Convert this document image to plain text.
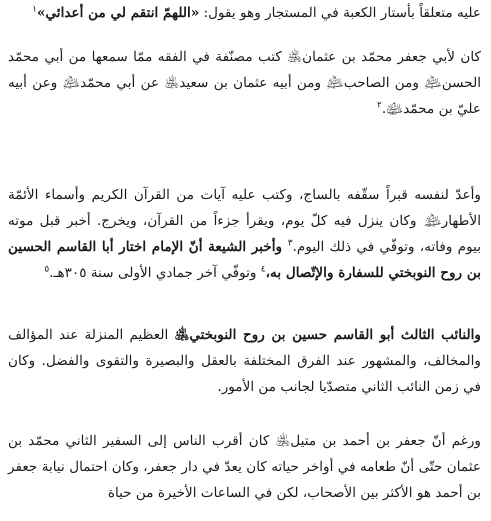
عليه متعلقاً بأستار الكعبة في المستجار وهو يقول: «اللهمّ انتقم لي من أعدائي»$^١$

كان لأبي جعفر محمّد بن عثمان﵁ كتب مصنّفة في الفقه ممّا سمعها من أبي محمّد الحسن﵇ ومن الصاحب﵇ ومن أبيه عثمان بن سعيد﵁ عن أبي محمّد﵇ وعن أبيه عليّ بن محمّد﵉.$^٢$

وأعدّ لنفسه قبراً سقّفه بالساج، وكتب عليه آيات من القرآن الكريم وأسماء الأئمّة الأطهار﵈ وكان ينزل فيه كلّ يوم، ويقرأ جزءاً من القرآن، ويخرج. أخبر قبل موته بيوم وفاته، وتوفّي في ذلك اليوم.$^٣$ وأخبر الشيعة أنّ الإمام اختار أبا القاسم الحسين بن روح النوبختي للسفارة والإتّصال به،$^٤$ وتوفّي آخر جمادي الأولى سنة ٣٠٥هـ.$^٥$

والنائب الثالث أبو القاسم حسين بن روح النوبختي﵁ العظيم المنزلة عند المؤالف والمخالف، والمشهور عند الفرق المختلفة بالعقل والبصيرة والتقوى والفضل. وكان في زمن النائب الثاني متصدّيا لجانب من الأمور.

ورغم أنّ جعفر بن أحمد بن متيل﵁ كان أقرب الناس إلى السفير الثاني محمّد بن عثمان حتّى أنّ طعامه في أواخر حياته كان يعدّ في دار جعفر، وكان احتمال نيابة جعفر بن أحمد هو الأكثر بين الأصحاب، لكن في الساعات الأخيرة من حياة
